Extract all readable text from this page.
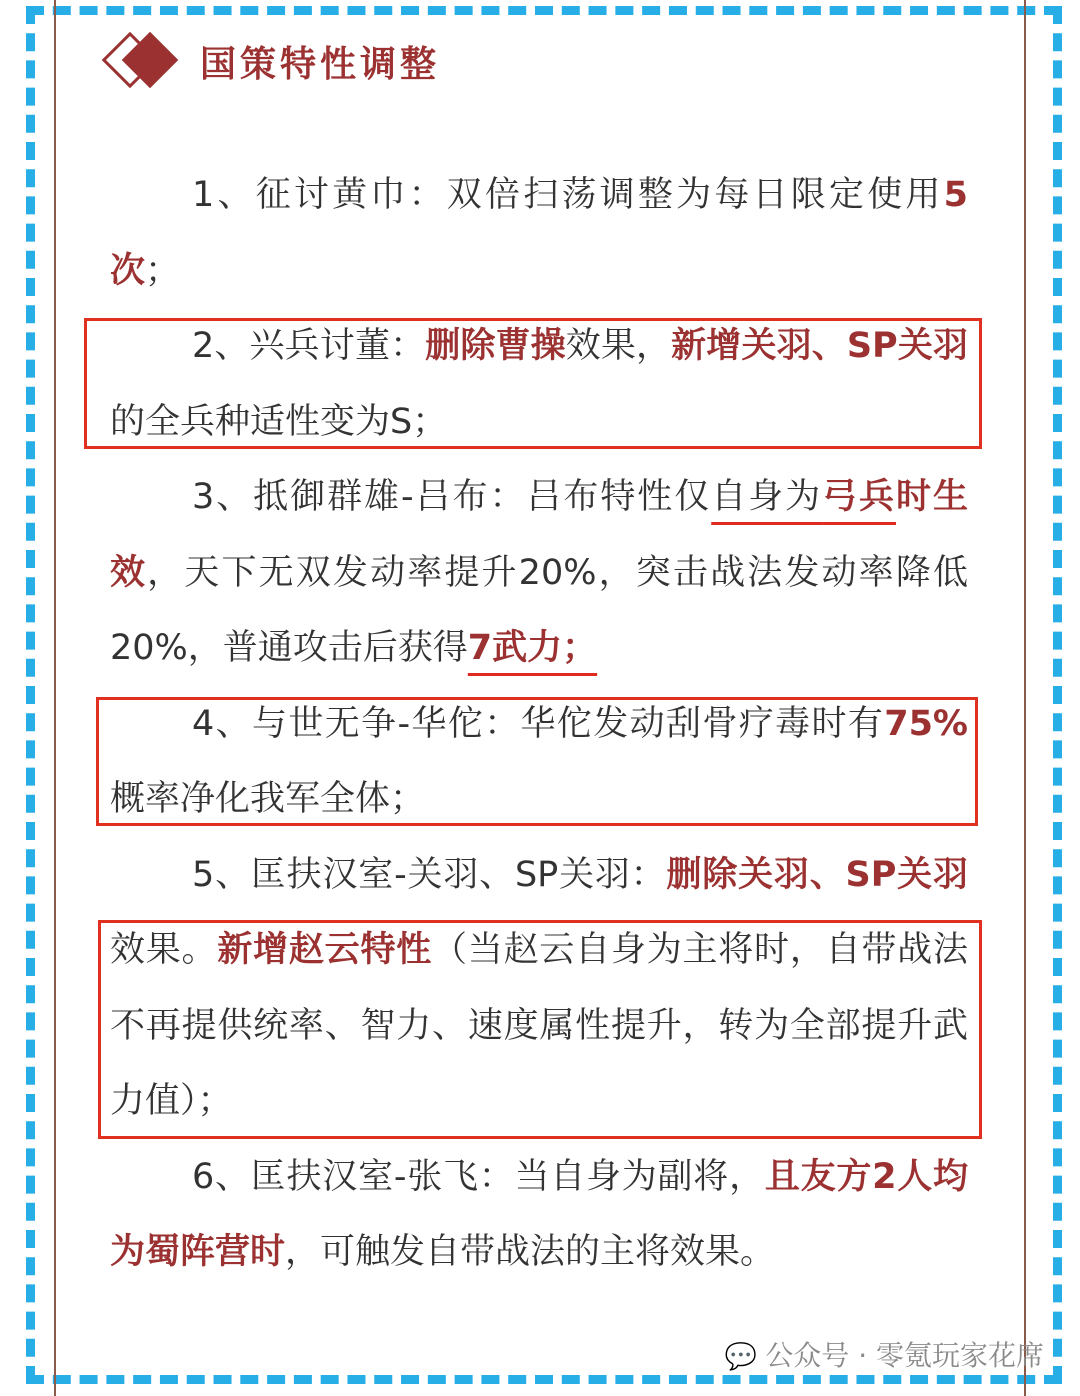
国策特性调整

1、征讨黄巾：双倍扫荡调整为每日限定使用5次；

2、兴兵讨董：删除曹操效果，新增关羽、SP关羽的全兵种适性变为S；

3、抵御群雄-吕布：吕布特性仅自身为弓兵时生效，天下无双发动率提升20%，突击战法发动率降低20%，普通攻击后获得7武力；

4、与世无争-华佗：华佗发动刮骨疗毒时有75%概率净化我军全体；

5、匡扶汉室-关羽、SP关羽：删除关羽、SP关羽效果。新增赵云特性（当赵云自身为主将时，自带战法不再提供统率、智力、速度属性提升，转为全部提升武力值）；

6、匡扶汉室-张飞：当自身为副将，且友方2人均为蜀阵营时，可触发自带战法的主将效果。

💬 公众号 · 零氪玩家花席
